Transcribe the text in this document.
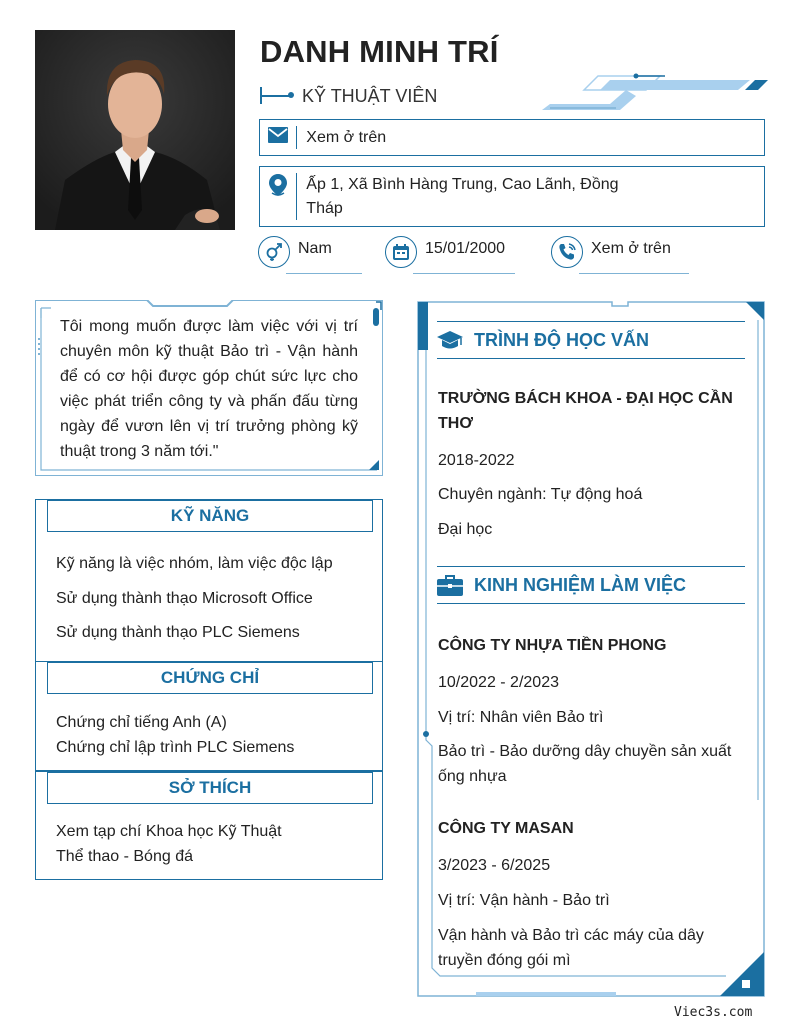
DANH MINH TRÍ
KỸ THUẬT VIÊN
Xem ở trên
Ấp 1, Xã Bình Hàng Trung, Cao Lãnh, Đồng Tháp
Nam	15/01/2000	Xem ở trên
Tôi mong muốn được làm việc với vị trí chuyên môn kỹ thuật Bảo trì - Vận hành để có cơ hội được góp chút sức lực cho việc phát triển công ty và phấn đấu từng ngày để vươn lên vị trí trưởng phòng kỹ thuật trong 3 năm tới."
KỸ NĂNG
Kỹ năng là việc nhóm, làm việc độc lập
Sử dụng thành thạo Microsoft Office
Sử dụng thành thạo PLC Siemens
CHỨNG CHỈ
Chứng chỉ tiếng Anh (A)
Chứng chỉ lập trình PLC Siemens
SỞ THÍCH
Xem tạp chí Khoa học Kỹ Thuật
Thể thao - Bóng đá
TRÌNH ĐỘ HỌC VẤN
TRƯỜNG BÁCH KHOA - ĐẠI HỌC CẦN THƠ
2018-2022
Chuyên ngành: Tự động hoá
Đại học
KINH NGHIỆM LÀM VIỆC
CÔNG TY NHỰA TIỀN PHONG
10/2022 - 2/2023
Vị trí: Nhân viên Bảo trì
Bảo trì - Bảo dưỡng dây chuyền sản xuất ống nhựa
CÔNG TY MASAN
3/2023 - 6/2025
Vị trí: Vận hành - Bảo trì
Vận hành và Bảo trì các máy của dây truyền đóng gói mì
Viec3s.com
